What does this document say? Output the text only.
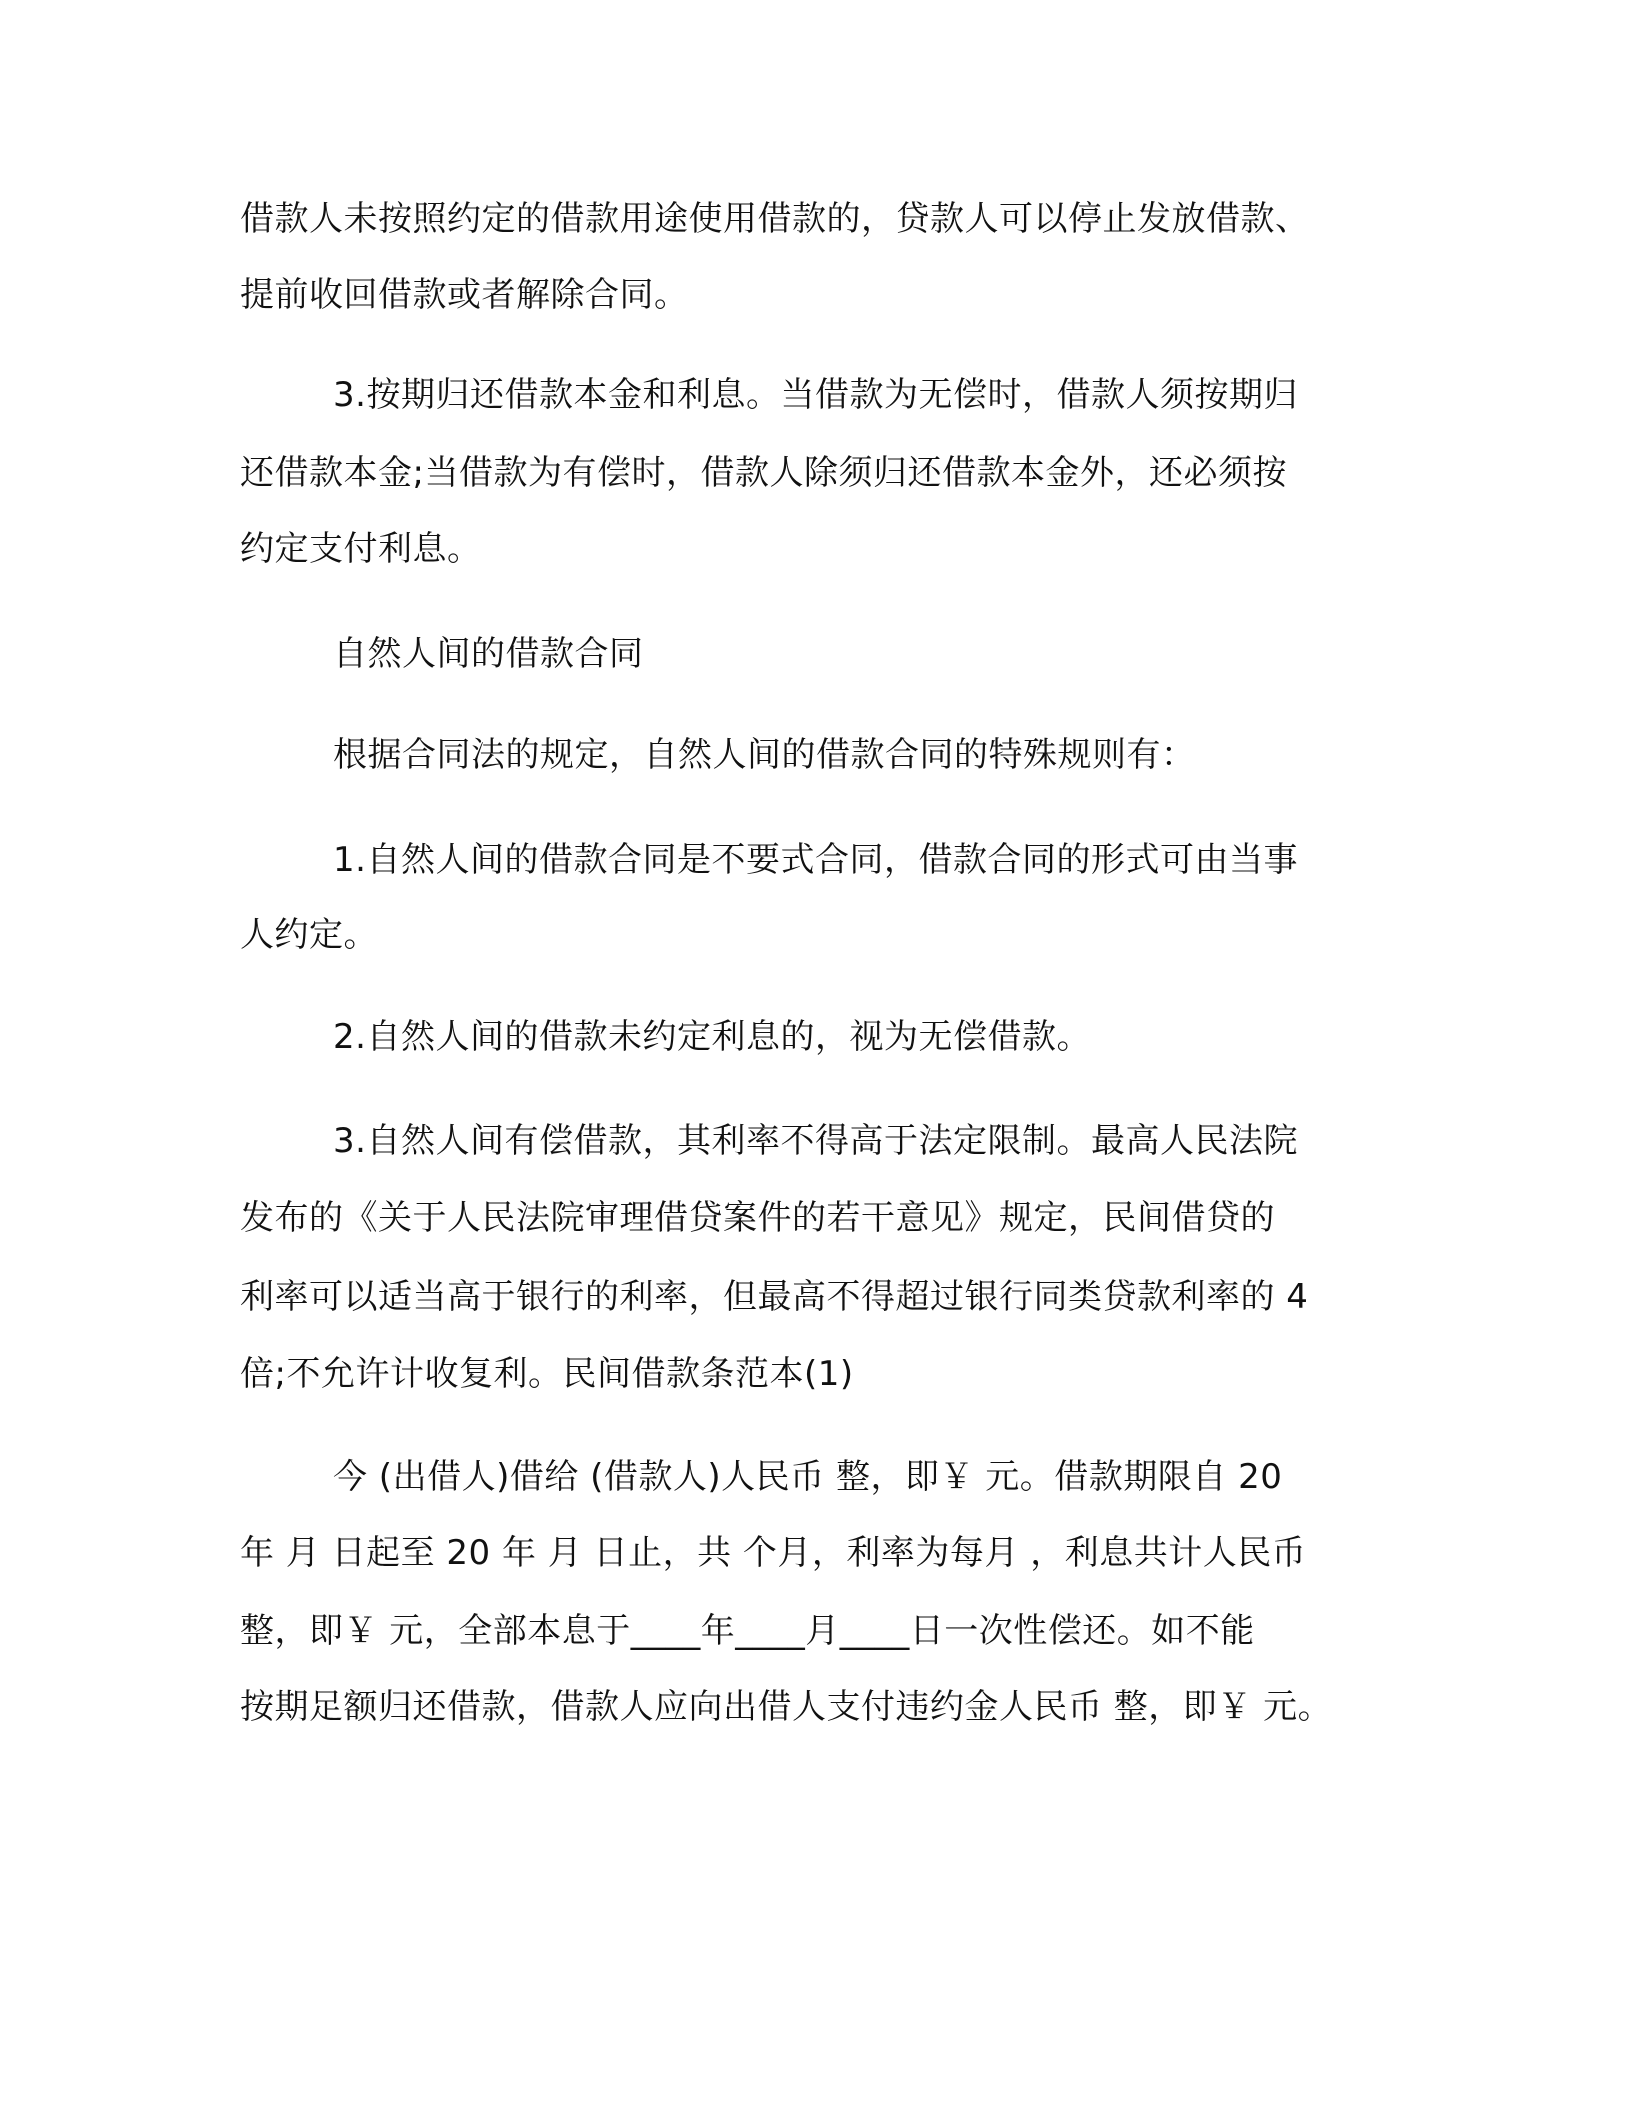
借款人未按照约定的借款用途使用借款的，贷款人可以停止发放借款、
提前收回借款或者解除合同。
3.按期归还借款本金和利息。当借款为无偿时，借款人须按期归
还借款本金;当借款为有偿时，借款人除须归还借款本金外，还必须按
约定支付利息。
自然人间的借款合同
根据合同法的规定，自然人间的借款合同的特殊规则有：
1.自然人间的借款合同是不要式合同，借款合同的形式可由当事
人约定。
2.自然人间的借款未约定利息的，视为无偿借款。
3.自然人间有偿借款，其利率不得高于法定限制。最高人民法院
发布的《关于人民法院审理借贷案件的若干意见》规定，民间借贷的
利率可以适当高于银行的利率，但最高不得超过银行同类贷款利率的 4
倍;不允许计收复利。民间借款条范本(1)
今 (出借人)借给 (借款人)人民币 整，即￥ 元。借款期限自 20
年 月 日起至 20 年 月 日止，共 个月，利率为每月 ，利息共计人民币
整，即￥ 元，全部本息于____年____月____日一次性偿还。如不能
按期足额归还借款，借款人应向出借人支付违约金人民币 整，即￥ 元。
